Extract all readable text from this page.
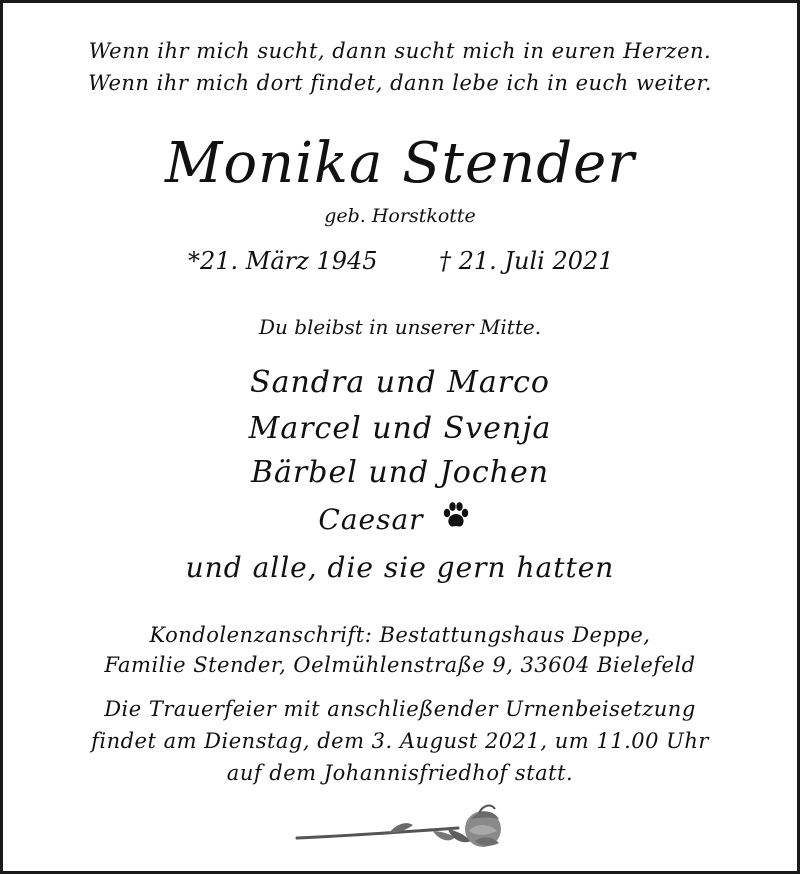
Wenn ihr mich sucht, dann sucht mich in euren Herzen.
Wenn ihr mich dort findet, dann lebe ich in euch weiter.
Monika Stender
geb. Horstkotte
*21. März 1945	† 21. Juli 2021
Du bleibst in unserer Mitte.
Sandra und Marco
Marcel und Svenja
Bärbel und Jochen
Caesar
und alle, die sie gern hatten
Kondolenzanschrift: Bestattungshaus Deppe,
Familie Stender, Oelmühlenstraße 9, 33604 Bielefeld
Die Trauerfeier mit anschließender Urnenbeisetzung
findet am Dienstag, dem 3. August 2021, um 11.00 Uhr
auf dem Johannisfriedhof statt.
